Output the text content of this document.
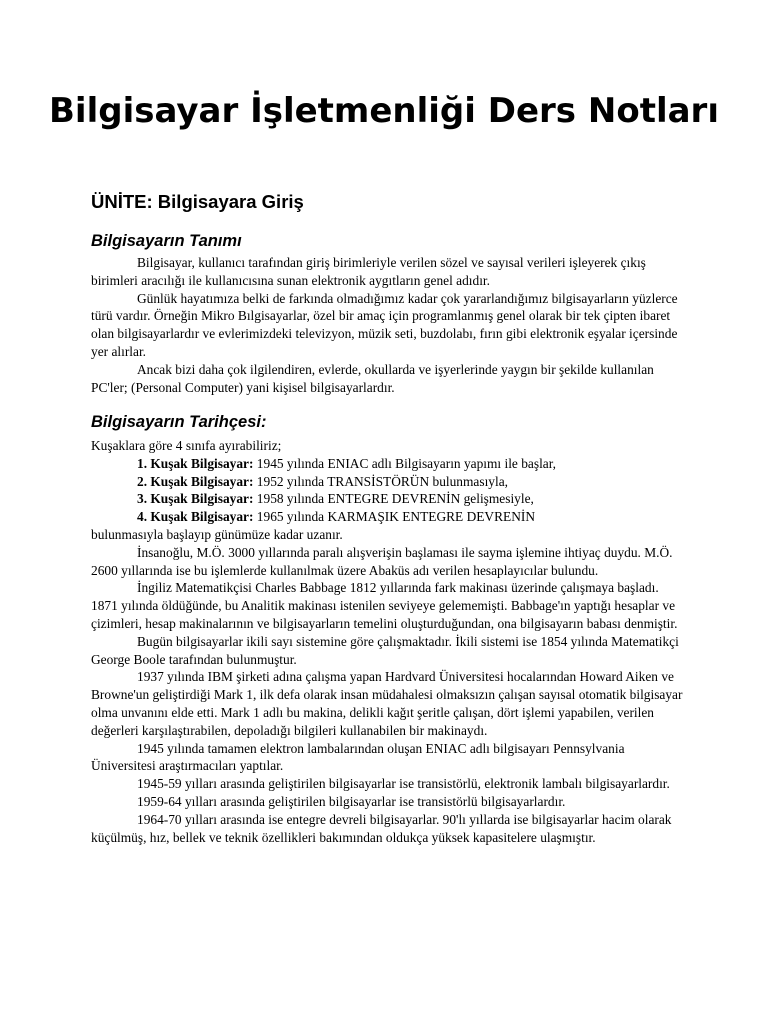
Bilgisayar İşletmenliği Ders Notları
ÜNİTE: Bilgisayara Giriş
Bilgisayarın Tanımı

Bilgisayar, kullanıcı tarafından giriş birimleriyle verilen sözel ve sayısal verileri işleyerek çıkış birimleri aracılığı ile kullanıcısına sunan elektronik aygıtların genel adıdır.

Günlük hayatımıza belki de farkında olmadığımız kadar çok yararlandığımız bilgisayarların yüzlerce türü vardır. Örneğin Mikro Bılgisayarlar, özel bir amaç için programlanmış genel olarak bir tek çipten ibaret olan bilgisayarlardır ve evlerimizdeki televizyon, müzik seti, buzdolabı, fırın gibi elektronik eşyalar içersinde yer alırlar.

Ancak bizi daha çok ilgilendiren, evlerde, okullarda ve işyerlerinde yaygın bir şekilde kullanılan PC'ler; (Personal Computer) yani kişisel bilgisayarlardır.

Bilgisayarın Tarihçesi:

Kuşaklara göre 4 sınıfa ayırabiliriz;

1. Kuşak Bilgisayar: 1945 yılında ENIAC adlı Bilgisayarın yapımı ile başlar,

2. Kuşak Bilgisayar: 1952 yılında TRANSİSTÖRÜN bulunmasıyla,

3. Kuşak Bilgisayar: 1958 yılında ENTEGRE DEVRENİN gelişmesiyle,

4. Kuşak Bilgisayar: 1965 yılında KARMAŞIK ENTEGRE DEVRENİN

bulunmasıyla başlayıp günümüze kadar uzanır.

İnsanoğlu, M.Ö. 3000 yıllarında paralı alışverişin başlaması ile sayma işlemine ihtiyaç duydu. M.Ö. 2600 yıllarında ise bu işlemlerde kullanılmak üzere Abaküs adı verilen hesaplayıcılar bulundu.

İngiliz Matematikçisi Charles Babbage 1812 yıllarında fark makinası üzerinde çalışmaya başladı. 1871 yılında öldüğünde, bu Analitik makinası istenilen seviyeye gelememişti. Babbage'ın yaptığı hesaplar ve çizimleri, hesap makinalarının ve bilgisayarların temelini oluşturduğundan, ona bilgisayarın babası denmiştir.

Bugün bilgisayarlar ikili sayı sistemine göre çalışmaktadır. İkili sistemi ise 1854 yılında Matematikçi George Boole tarafından bulunmuştur.

1937 yılında IBM şirketi adına çalışma yapan Hardvard Üniversitesi hocalarından Howard Aiken ve Browne'un geliştirdiği Mark 1, ilk defa olarak insan müdahalesi olmaksızın çalışan sayısal otomatik bilgisayar olma unvanını elde etti. Mark 1 adlı bu makina, delikli kağıt şeritle çalışan, dört işlemi yapabilen, verilen değerleri karşılaştırabilen, depoladığı bilgileri kullanabilen bir makinaydı.

1945 yılında tamamen elektron lambalarından oluşan ENIAC adlı bilgisayarı Pennsylvania Üniversitesi araştırmacıları yaptılar.

1945-59 yılları arasında geliştirilen bilgisayarlar ise transistörlü, elektronik lambalı bilgisayarlardır.

1959-64 yılları arasında geliştirilen bilgisayarlar ise transistörlü bilgisayarlardır.

1964-70 yılları arasında ise entegre devreli bilgisayarlar. 90'lı yıllarda ise bilgisayarlar hacim olarak küçülmüş, hız, bellek ve teknik özellikleri bakımından oldukça yüksek kapasitelere ulaşmıştır.
